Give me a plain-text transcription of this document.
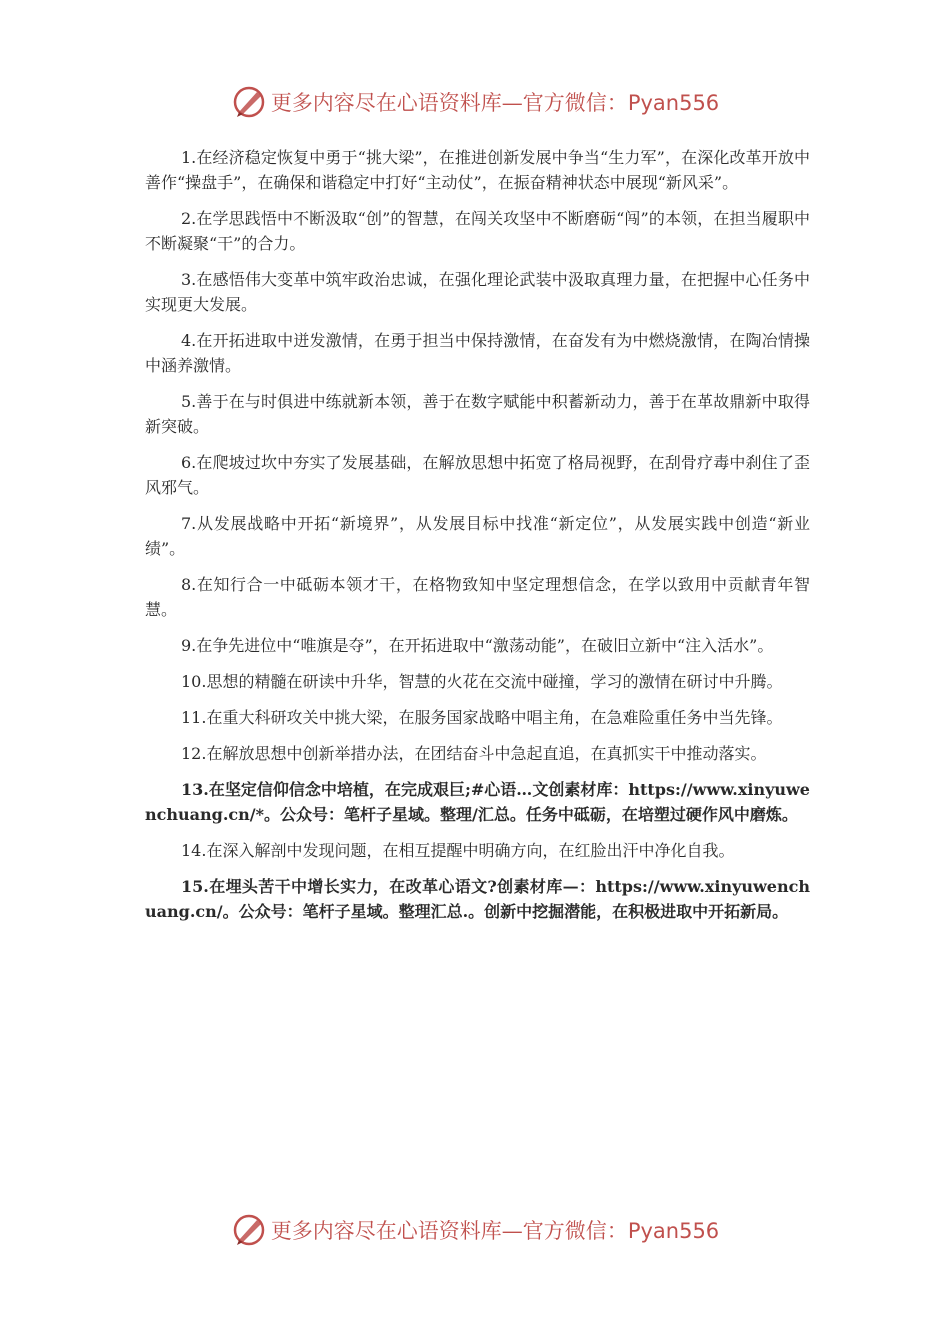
更多内容尽在心语资料库—官方微信：Pyan556

1.在经济稳定恢复中勇于“挑大梁”，在推进创新发展中争当“生力军”，在深化改革开放中善作“操盘手”，在确保和谐稳定中打好“主动仗”，在振奋精神状态中展现“新风采”。

2.在学思践悟中不断汲取“创”的智慧，在闯关攻坚中不断磨砺“闯”的本领，在担当履职中不断凝聚“干”的合力。

3.在感悟伟大变革中筑牢政治忠诚，在强化理论武装中汲取真理力量，在把握中心任务中实现更大发展。

4.在开拓进取中迸发激情，在勇于担当中保持激情，在奋发有为中燃烧激情，在陶冶情操中涵养激情。

5.善于在与时俱进中练就新本领，善于在数字赋能中积蓄新动力，善于在革故鼎新中取得新突破。

6.在爬坡过坎中夯实了发展基础，在解放思想中拓宽了格局视野，在刮骨疗毒中刹住了歪风邪气。

7.从发展战略中开拓“新境界”，从发展目标中找准“新定位”，从发展实践中创造“新业绩”。

8.在知行合一中砥砺本领才干，在格物致知中坚定理想信念，在学以致用中贡献青年智慧。

9.在争先进位中“唯旗是夺”，在开拓进取中“激荡动能”，在破旧立新中“注入活水”。

10.思想的精髓在研读中升华，智慧的火花在交流中碰撞，学习的激情在研讨中升腾。

11.在重大科研攻关中挑大梁，在服务国家战略中唱主角，在急难险重任务中当先锋。

12.在解放思想中创新举措办法，在团结奋斗中急起直追，在真抓实干中推动落实。

13.在坚定信仰信念中培植，在完成艰巨;#心语…文创素材库：https://www.xinyuwenchuang.cn/*。公众号：笔杆子星域。整理/汇总。任务中砥砺，在培塑过硬作风中磨炼。

14.在深入解剖中发现问题，在相互提醒中明确方向，在红脸出汗中净化自我。

15.在埋头苦干中增长实力，在改革心语文?创素材库—：https://www.xinyuwenchuang.cn/。公众号：笔杆子星域。整理汇总.。创新中挖掘潜能，在积极进取中开拓新局。

更多内容尽在心语资料库—官方微信：Pyan556
